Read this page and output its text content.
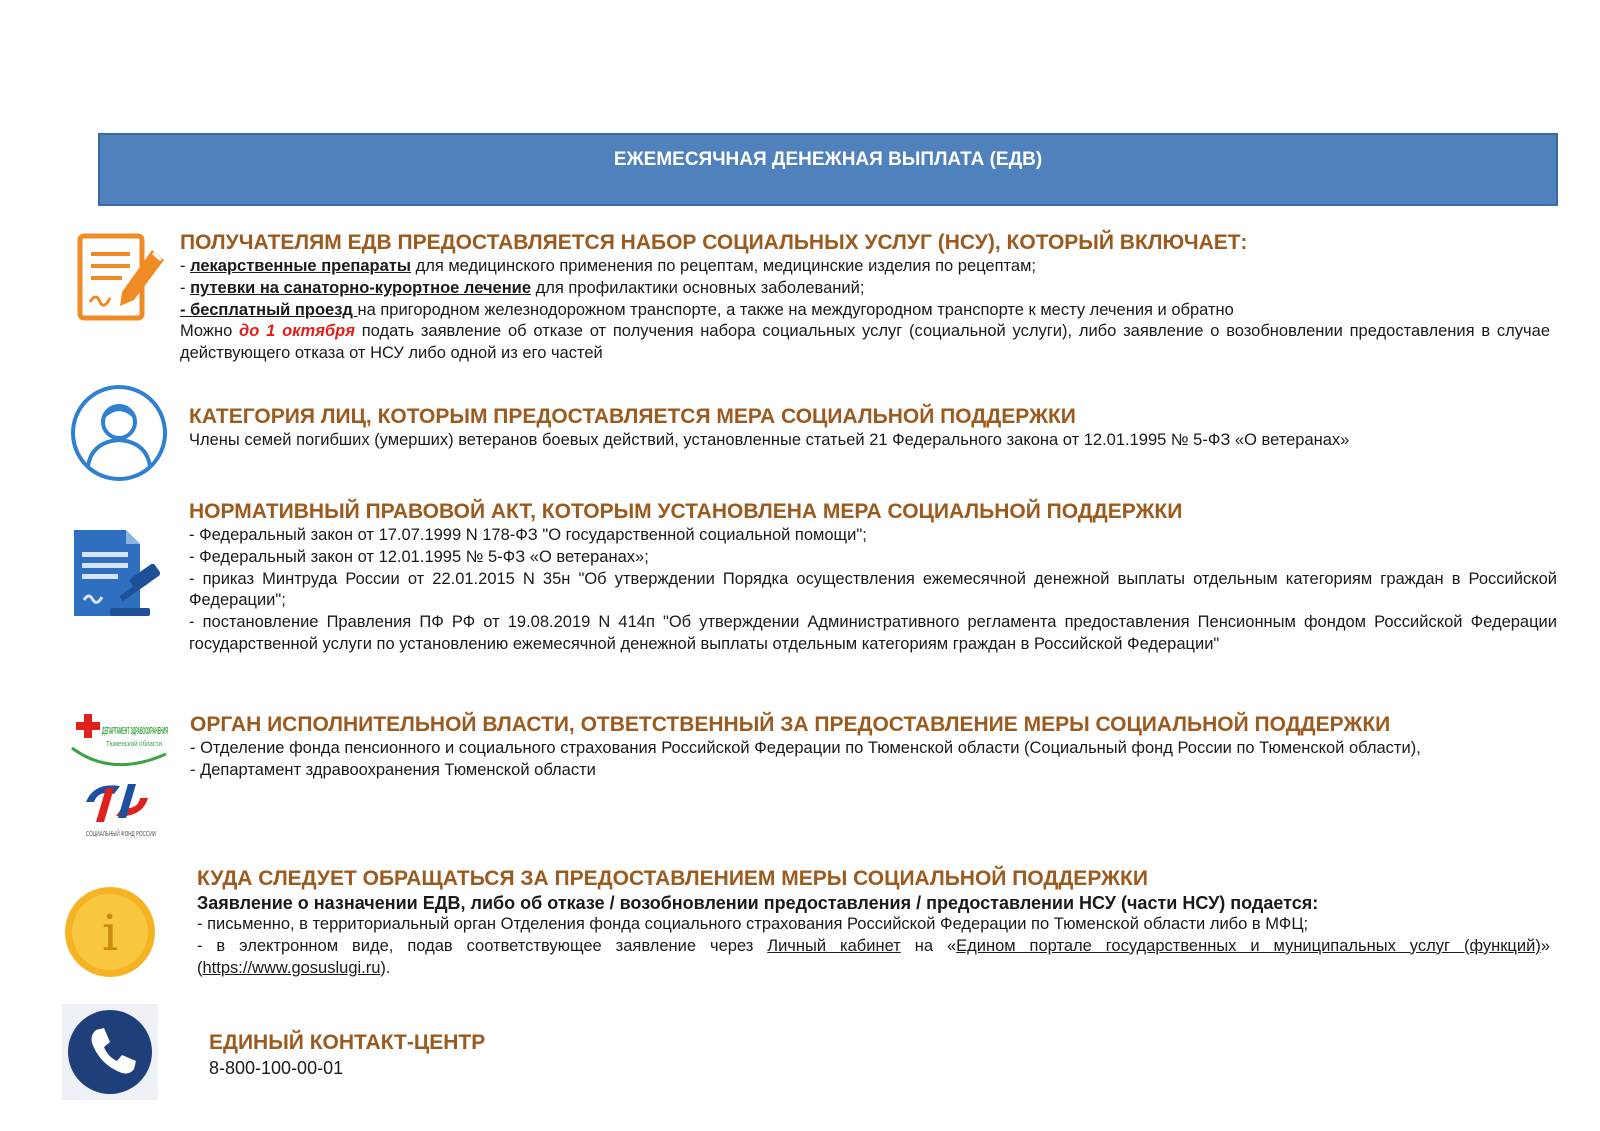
ЕЖЕМЕСЯЧНАЯ ДЕНЕЖНАЯ ВЫПЛАТА (ЕДВ)
ПОЛУЧАТЕЛЯМ ЕДВ ПРЕДОСТАВЛЯЕТСЯ НАБОР СОЦИАЛЬНЫХ УСЛУГ (НСУ), КОТОРЫЙ ВКЛЮЧАЕТ:
- лекарственные препараты для медицинского применения по рецептам, медицинские изделия по рецептам;
- путевки на санаторно-курортное лечение для профилактики основных заболеваний;
- бесплатный проезд на пригородном железнодорожном транспорте, а также на междугородном транспорте к месту лечения и обратно
Можно до 1 октября подать заявление об отказе от получения набора социальных услуг (социальной услуги), либо заявление о возобновлении предоставления в случае действующего отказа от НСУ либо одной из его частей
КАТЕГОРИЯ ЛИЦ, КОТОРЫМ ПРЕДОСТАВЛЯЕТСЯ МЕРА СОЦИАЛЬНОЙ ПОДДЕРЖКИ
Члены семей погибших (умерших) ветеранов боевых действий, установленные статьей 21 Федерального закона от 12.01.1995 № 5-ФЗ «О ветеранах»
НОРМАТИВНЫЙ ПРАВОВОЙ АКТ, КОТОРЫМ УСТАНОВЛЕНА МЕРА СОЦИАЛЬНОЙ ПОДДЕРЖКИ
- Федеральный закон от 17.07.1999 N 178-ФЗ "О государственной социальной помощи";
- Федеральный закон от 12.01.1995 № 5-ФЗ «О ветеранах»;
- приказ Минтруда России от 22.01.2015 N 35н "Об утверждении Порядка осуществления ежемесячной денежной выплаты отдельным категориям граждан в Российской Федерации";
- постановление Правления ПФ РФ от 19.08.2019 N 414п "Об утверждении Административного регламента предоставления Пенсионным фондом Российской Федерации государственной услуги по установлению ежемесячной денежной выплаты отдельным категориям граждан в Российской Федерации"
ДЕПАРТАМЕНТ ЗДРАВООХРАНЕНИЯ
Тюменской области
СОЦИАЛЬНЫЙ ФОНД РОССИИ
ОРГАН ИСПОЛНИТЕЛЬНОЙ ВЛАСТИ, ОТВЕТСТВЕННЫЙ ЗА ПРЕДОСТАВЛЕНИЕ МЕРЫ СОЦИАЛЬНОЙ ПОДДЕРЖКИ
- Отделение фонда пенсионного и социального страхования Российской Федерации по Тюменской области (Социальный фонд России по Тюменской области),
- Департамент здравоохранения Тюменской области
i
КУДА СЛЕДУЕТ ОБРАЩАТЬСЯ ЗА ПРЕДОСТАВЛЕНИЕМ МЕРЫ СОЦИАЛЬНОЙ ПОДДЕРЖКИ
Заявление о назначении ЕДВ, либо об отказе / возобновлении предоставления / предоставлении НСУ (части НСУ) подается:
- письменно, в территориальный орган Отделения фонда социального страхования Российской Федерации по Тюменской области либо в МФЦ;
- в электронном виде, подав соответствующее заявление через Личный кабинет на «Едином портале государственных и муниципальных услуг (функций)» (https://www.gosuslugi.ru).
ЕДИНЫЙ КОНТАКТ-ЦЕНТР
8-800-100-00-01
